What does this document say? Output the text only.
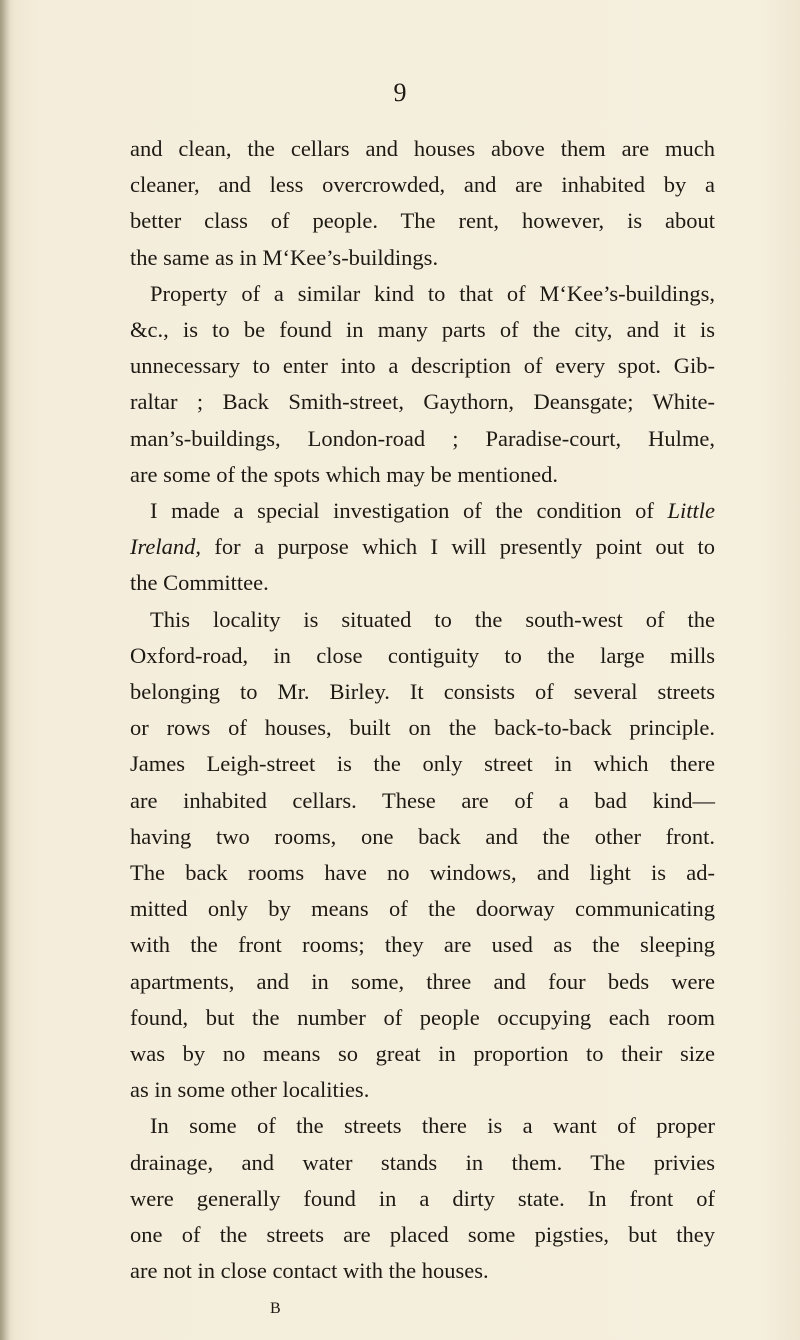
9
and clean, the cellars and houses above them are much
cleaner, and less overcrowded, and are inhabited by a
better class of people. The rent, however, is about
the same as in M‘Kee’s-buildings.
Property of a similar kind to that of M‘Kee’s-buildings,
&c., is to be found in many parts of the city, and it is
unnecessary to enter into a description of every spot. Gib-
raltar ; Back Smith-street, Gaythorn, Deansgate; White-
man’s-buildings, London-road ; Paradise-court, Hulme,
are some of the spots which may be mentioned.
I made a special investigation of the condition of Little
Ireland, for a purpose which I will presently point out to
the Committee.
This locality is situated to the south-west of the
Oxford-road, in close contiguity to the large mills
belonging to Mr. Birley. It consists of several streets
or rows of houses, built on the back-to-back principle.
James Leigh-street is the only street in which there
are inhabited cellars. These are of a bad kind—
having two rooms, one back and the other front.
The back rooms have no windows, and light is ad-
mitted only by means of the doorway communicating
with the front rooms; they are used as the sleeping
apartments, and in some, three and four beds were
found, but the number of people occupying each room
was by no means so great in proportion to their size
as in some other localities.
In some of the streets there is a want of proper
drainage, and water stands in them. The privies
were generally found in a dirty state. In front of
one of the streets are placed some pigsties, but they
are not in close contact with the houses.
B
